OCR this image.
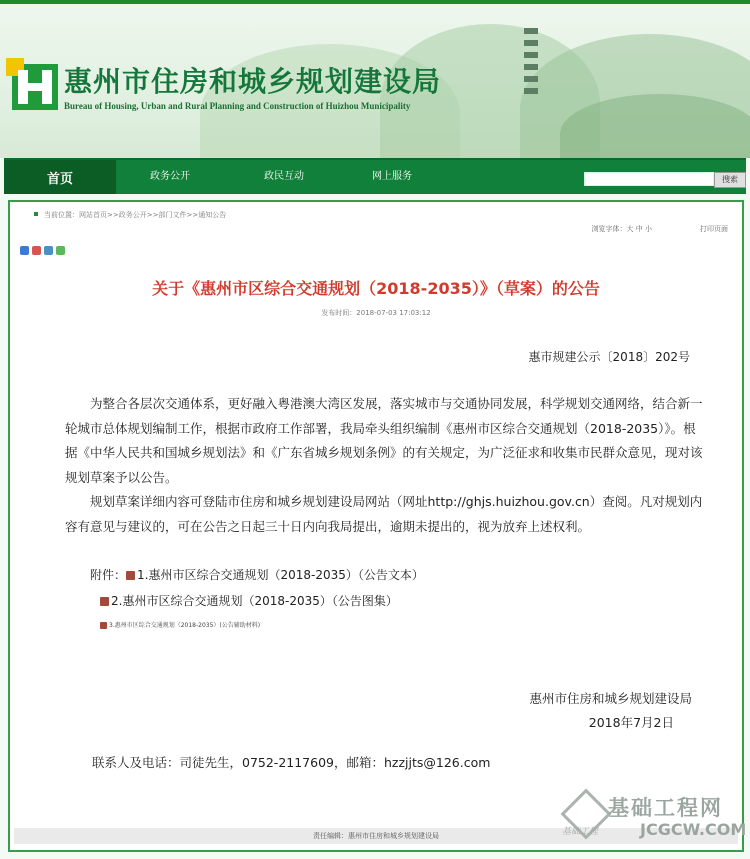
惠州市住房和城乡规划建设局
Bureau of Housing, Urban and Rural Planning and Construction of Huizhou Municipality
首页	政务公开	政民互动	网上服务	搜索
当前位置：网站首页>>政务公开>>部门文件>>通知公告
浏览字体：大 中 小	打印页面
关于《惠州市区综合交通规划（2018-2035）》（草案）的公告
发布时间：2018-07-03 17:03:12
惠市规建公示〔2018〕202号

为整合各层次交通体系，更好融入粤港澳大湾区发展，落实城市与交通协同发展，科学规划交通网络，结合新一轮城市总体规划编制工作，根据市政府工作部署，我局牵头组织编制《惠州市区综合交通规划（2018-2035）》。根据《中华人民共和国城乡规划法》和《广东省城乡规划条例》的有关规定，为广泛征求和收集市民群众意见，现对该规划草案予以公告。

规划草案详细内容可登陆市住房和城乡规划建设局网站（网址http://ghjs.huizhou.gov.cn）查阅。凡对规划内容有意见与建议的，可在公告之日起三十日内向我局提出，逾期未提出的，视为放弃上述权利。

附件： 1.惠州市区综合交通规划（2018-2035）（公告文本）
2.惠州市区综合交通规划（2018-2035）（公告图集）
3.惠州市区综合交通规划（2018-2035）(公告辅助材料)
惠州市住房和城乡规划建设局
2018年7月2日
联系人及电话：司徒先生，0752-2117609，邮箱：hzzjjts@126.com
责任编辑：惠州市住房和城乡规划建设局
基础工程网
基础工程	JCGCW.COM
